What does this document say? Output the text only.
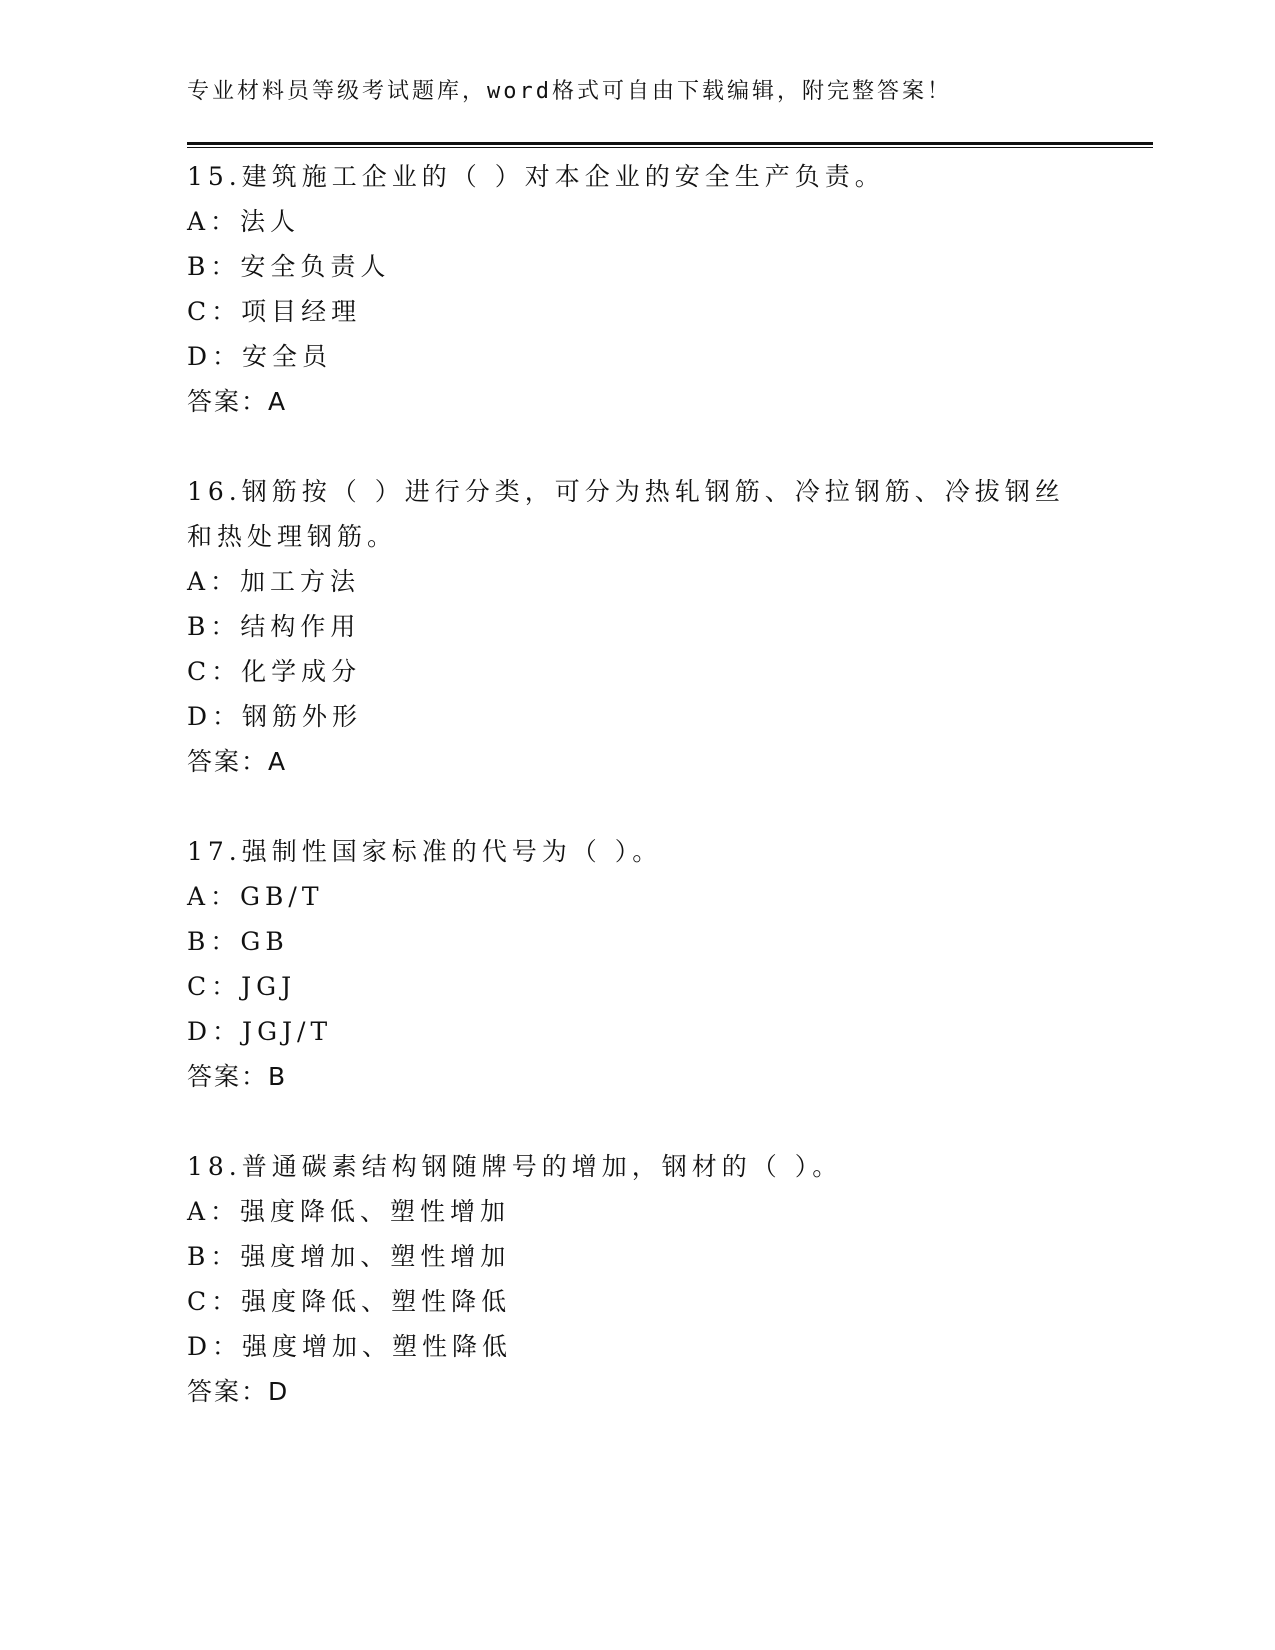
专业材料员等级考试题库，word格式可自由下载编辑，附完整答案！
15.建筑施工企业的（ ）对本企业的安全生产负责。
A：法人
B：安全负责人
C：项目经理
D：安全员
答案：A
16.钢筋按（ ）进行分类，可分为热轧钢筋、冷拉钢筋、冷拔钢丝和热处理钢筋。
A：加工方法
B：结构作用
C：化学成分
D：钢筋外形
答案：A
17.强制性国家标准的代号为（ ）。
A：GB/T
B：GB
C：JGJ
D：JGJ/T
答案：B
18.普通碳素结构钢随牌号的增加，钢材的（ ）。
A：强度降低、塑性增加
B：强度增加、塑性增加
C：强度降低、塑性降低
D：强度增加、塑性降低
答案：D
